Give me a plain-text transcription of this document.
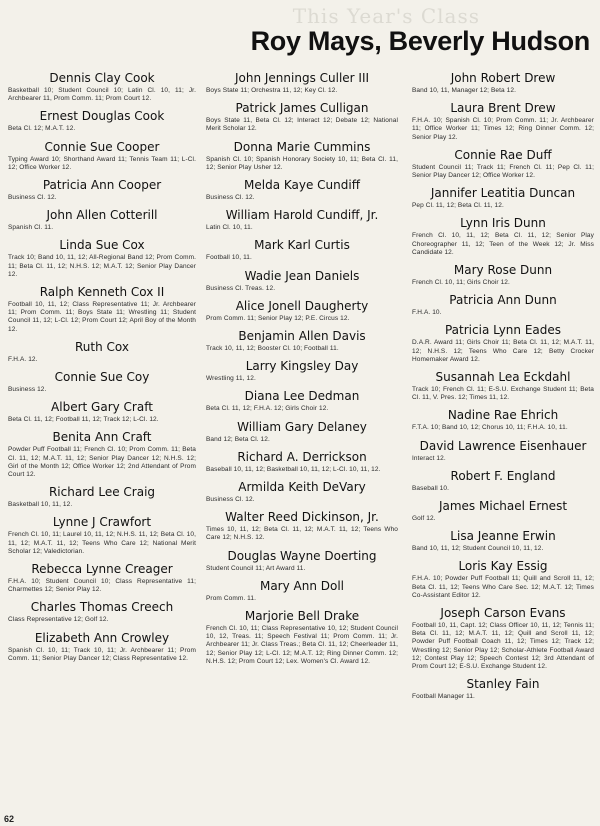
This Year's Class
Roy Mays, Beverly Hudson
Dennis Clay Cook
Basketball 10; Student Council 10; Latin Cl. 10, 11; Jr. Archbearer 11, Prom Comm. 11; Prom Court 12.
Ernest Douglas Cook
Beta Cl. 12; M.A.T. 12.
Connie Sue Cooper
Typing Award 10; Shorthand Award 11; Tennis Team 11; L-Cl. 12; Office Worker 12.
Patricia Ann Cooper
Business Cl. 12.
John Allen Cotterill
Spanish Cl. 11.
Linda Sue Cox
Track 10; Band 10, 11, 12; All-Regional Band 12; Prom Comm. 11; Beta Cl. 11, 12; N.H.S. 12; M.A.T. 12; Senior Play Dancer 12.
Ralph Kenneth Cox II
Football 10, 11, 12; Class Representative 11; Jr. Archbearer 11; Prom Comm. 11; Boys State 11; Wrestling 11; Student Council 11, 12; L-Cl. 12; Prom Court 12; April Boy of the Month 12.
Ruth Cox
F.H.A. 12.
Connie Sue Coy
Business 12.
Albert Gary Craft
Beta Cl. 11, 12; Football 11, 12; Track 12; L-Cl. 12.
Benita Ann Craft
Powder Puff Football 11; French Cl. 10; Prom Comm. 11; Beta Cl. 11, 12; M.A.T. 11, 12; Senior Play Dancer 12; N.H.S. 12; Girl of the Month 12; Office Worker 12; 2nd Attendant of Prom Court 12.
Richard Lee Craig
Basketball 10, 11, 12.
Lynne J Crawfort
French Cl. 10, 11; Laurel 10, 11, 12; N.H.S. 11, 12; Beta Cl. 10, 11, 12; M.A.T. 11, 12; Teens Who Care 12; National Merit Scholar 12; Valedictorian.
Rebecca Lynne Creager
F.H.A. 10; Student Council 10; Class Representative 11; Charmettes 12; Senior Play 12.
Charles Thomas Creech
Class Representative 12; Golf 12.
Elizabeth Ann Crowley
Spanish Cl. 10, 11; Track 10, 11; Jr. Archbearer 11; Prom Comm. 11; Senior Play Dancer 12; Class Representative 12.
John Jennings Culler III
Boys State 11; Orchestra 11, 12; Key Cl. 12.
Patrick James Culligan
Boys State 11, Beta Cl. 12; Interact 12; Debate 12; National Merit Scholar 12.
Donna Marie Cummins
Spanish Cl. 10; Spanish Honorary Society 10, 11; Beta Cl. 11, 12; Senior Play Usher 12.
Melda Kaye Cundiff
Business Cl. 12.
William Harold Cundiff, Jr.
Latin Cl. 10, 11.
Mark Karl Curtis
Football 10, 11.
Wadie Jean Daniels
Business Cl. Treas. 12.
Alice Jonell Daugherty
Prom Comm. 11; Senior Play 12; P.E. Circus 12.
Benjamin Allen Davis
Track 10, 11, 12; Booster Cl. 10; Football 11.
Larry Kingsley Day
Wrestling 11, 12.
Diana Lee Dedman
Beta Cl. 11, 12; F.H.A. 12; Girls Choir 12.
William Gary Delaney
Band 12; Beta Cl. 12.
Richard A. Derrickson
Baseball 10, 11, 12; Basketball 10, 11, 12; L-Cl. 10, 11, 12.
Armilda Keith DeVary
Business Cl. 12.
Walter Reed Dickinson, Jr.
Times 10, 11, 12; Beta Cl. 11, 12; M.A.T. 11, 12; Teens Who Care 12; N.H.S. 12.
Douglas Wayne Doerting
Student Council 11; Art Award 11.
Mary Ann Doll
Prom Comm. 11.
Marjorie Bell Drake
French Cl. 10, 11; Class Representative 10, 12; Student Council 10, 12, Treas. 11; Speech Festival 11; Prom Comm. 11; Jr. Archbearer 11; Jr. Class Treas.; Beta Cl. 11, 12; Cheerleader 11, 12; Senior Play 12; L-Cl. 12; M.A.T. 12; Ring Dinner Comm. 12; N.H.S. 12; Prom Court 12; Lex. Women's Cl. Award 12.
John Robert Drew
Band 10, 11, Manager 12; Beta 12.
Laura Brent Drew
F.H.A. 10; Spanish Cl. 10; Prom Comm. 11; Jr. Archbearer 11; Office Worker 11; Times 12; Ring Dinner Comm. 12; Senior Play 12.
Connie Rae Duff
Student Council 11; Track 11; French Cl. 11; Pep Cl. 11; Senior Play Dancer 12; Office Worker 12.
Jannifer Leatitia Duncan
Pep Cl. 11, 12; Beta Cl. 11, 12.
Lynn Iris Dunn
French Cl. 10, 11, 12; Beta Cl. 11, 12; Senior Play Choreographer 11, 12; Teen of the Week 12; Jr. Miss Candidate 12.
Mary Rose Dunn
French Cl. 10, 11; Girls Choir 12.
Patricia Ann Dunn
F.H.A. 10.
Patricia Lynn Eades
D.A.R. Award 11; Girls Choir 11; Beta Cl. 11, 12; M.A.T. 11, 12; N.H.S. 12; Teens Who Care 12; Betty Crocker Homemaker Award 12.
Susannah Lea Eckdahl
Track 10; French Cl. 11; E-S.U. Exchange Student 11; Beta Cl. 11, V. Pres. 12; Times 11, 12.
Nadine Rae Ehrich
F.T.A. 10; Band 10, 12; Chorus 10, 11; F.H.A. 10, 11.
David Lawrence Eisenhauer
Interact 12.
Robert F. England
Baseball 10.
James Michael Ernest
Golf 12.
Lisa Jeanne Erwin
Band 10, 11, 12; Student Council 10, 11, 12.
Loris Kay Essig
F.H.A. 10; Powder Puff Football 11; Quill and Scroll 11, 12; Beta Cl. 11, 12; Teens Who Care Sec. 12; M.A.T. 12; Times Co-Assistant Editor 12.
Joseph Carson Evans
Football 10, 11, Capt. 12; Class Officer 10, 11, 12; Tennis 11; Beta Cl. 11, 12; M.A.T. 11, 12; Quill and Scroll 11, 12; Powder Puff Football Coach 11, 12; Times 12; Track 12; Wrestling 12; Senior Play 12; Scholar-Athlete Football Award 12; Contest Play 12; Speech Contest 12; 3rd Attendant of Prom Court 12; E-S.U. Exchange Student 12.
Stanley Fain
Football Manager 11.
62
